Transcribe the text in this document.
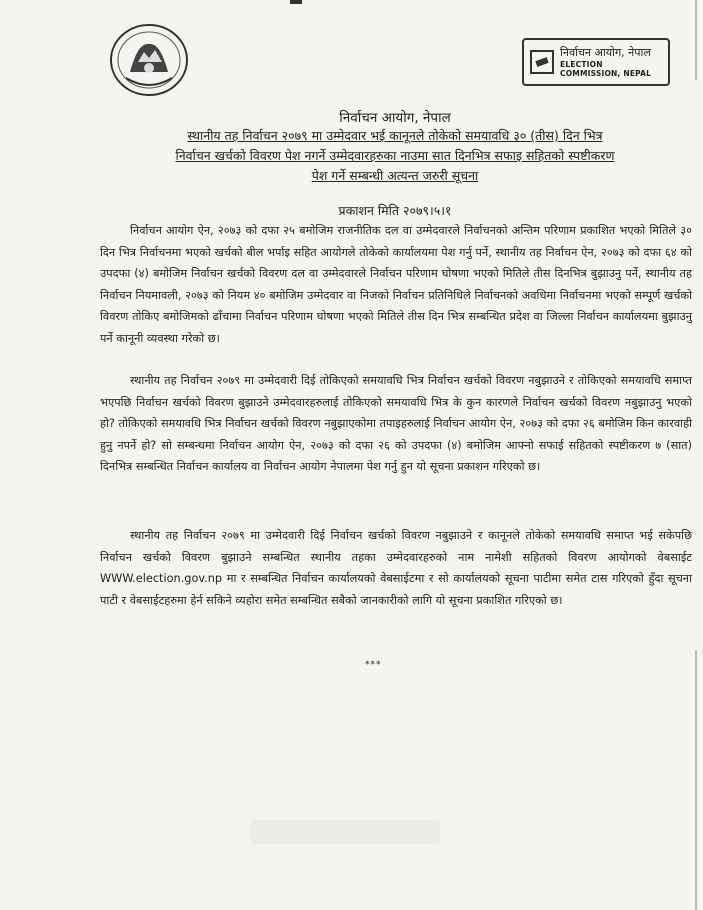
निर्वाचन आयोग, नेपाल
ELECTION COMMISSION, NEPAL
निर्वाचन आयोग, नेपाल
स्थानीय तह निर्वाचन २०७९ मा उम्मेदवार भई कानूनले तोकेको समयावधि ३० (तीस) दिन भित्र
निर्वाचन खर्चको विवरण पेश नगर्ने उम्मेदवारहरुका नाउमा सात दिनभित्र सफाइ सहितको स्पष्टीकरण
पेश गर्ने सम्बन्धी अत्यन्त जरुरी सूचना
प्रकाशन मिति २०७९।५।१

निर्वाचन आयोग ऐन, २०७३ को दफा २५ बमोजिम राजनीतिक दल वा उम्मेदवारले निर्वाचनको अन्तिम परिणाम प्रकाशित भएको मितिले ३० दिन भित्र निर्वाचनमा भएको खर्चको बील भर्पाइ सहित आयोगले तोकेको कार्यालयमा पेश गर्नु पर्ने, स्थानीय तह निर्वाचन ऐन, २०७३ को दफा ६४ को उपदफा (४) बमोजिम निर्वाचन खर्चको विवरण दल वा उम्मेदवारले निर्वाचन परिणाम घोषणा भएको मितिले तीस दिनभित्र बुझाउनु पर्ने, स्थानीय तह निर्वाचन नियमावली, २०७३ को नियम ४० बमोजिम उम्मेदवार वा निजको निर्वाचन प्रतिनिधिले निर्वाचनको अवधिमा निर्वाचनमा भएको सम्पूर्ण खर्चको विवरण तोकिए बमोजिमको ढाँचामा निर्वाचन परिणाम घोषणा भएको मितिले तीस दिन भित्र सम्बन्धित प्रदेश वा जिल्ला निर्वाचन कार्यालयमा बुझाउनु पर्ने कानूनी व्यवस्था गरेको छ।

स्थानीय तह निर्वाचन २०७९ मा उम्मेदवारी दिई तोकिएको समयावधि भित्र निर्वाचन खर्चको विवरण नबुझाउने र तोकिएको समयावधि समाप्त भएपछि निर्वाचन खर्चको विवरण बुझाउने उम्मेदवारहरुलाई तोकिएको समयावधि भित्र के कुन कारणले निर्वाचन खर्चको विवरण नबुझाउनु भएको हो? तोकिएको समयावधि भित्र निर्वाचन खर्चको विवरण नबुझाएकोमा तपाइहरुलाई निर्वाचन आयोग ऐन, २०७३ को दफा २६ बमोजिम किन कारवाही हुनु नपर्ने हो? सो सम्बन्धमा निर्वाचन आयोग ऐन, २०७३ को दफा २६ को उपदफा (४) बमोजिम आफ्नो सफाई सहितको स्पष्टीकरण ७ (सात) दिनभित्र सम्बन्धित निर्वाचन कार्यालय वा निर्वाचन आयोग नेपालमा पेश गर्नु हुन यो सूचना प्रकाशन गरिएको छ।

स्थानीय तह निर्वाचन २०७९ मा उम्मेदवारी दिई निर्वाचन खर्चको विवरण नबुझाउने र कानूनले तोकेको समयावधि समाप्त भई सकेपछि निर्वाचन खर्चको विवरण बुझाउने सम्बन्धित स्थानीय तहका उम्मेदवारहरुको नाम नामेशी सहितको विवरण आयोगको वेबसाईट WWW.election.gov.np मा र सम्बन्धित निर्वाचन कार्यालयको वेबसाईटमा र सो कार्यालयको सूचना पाटीमा समेत टास गरिएको हुँदा सूचना पाटी र वेबसाईटहरुमा हेर्न सकिने व्यहोरा समेत सम्बन्धित सबैको जानकारीको लागि यो सूचना प्रकाशित गरिएको छ।

***
